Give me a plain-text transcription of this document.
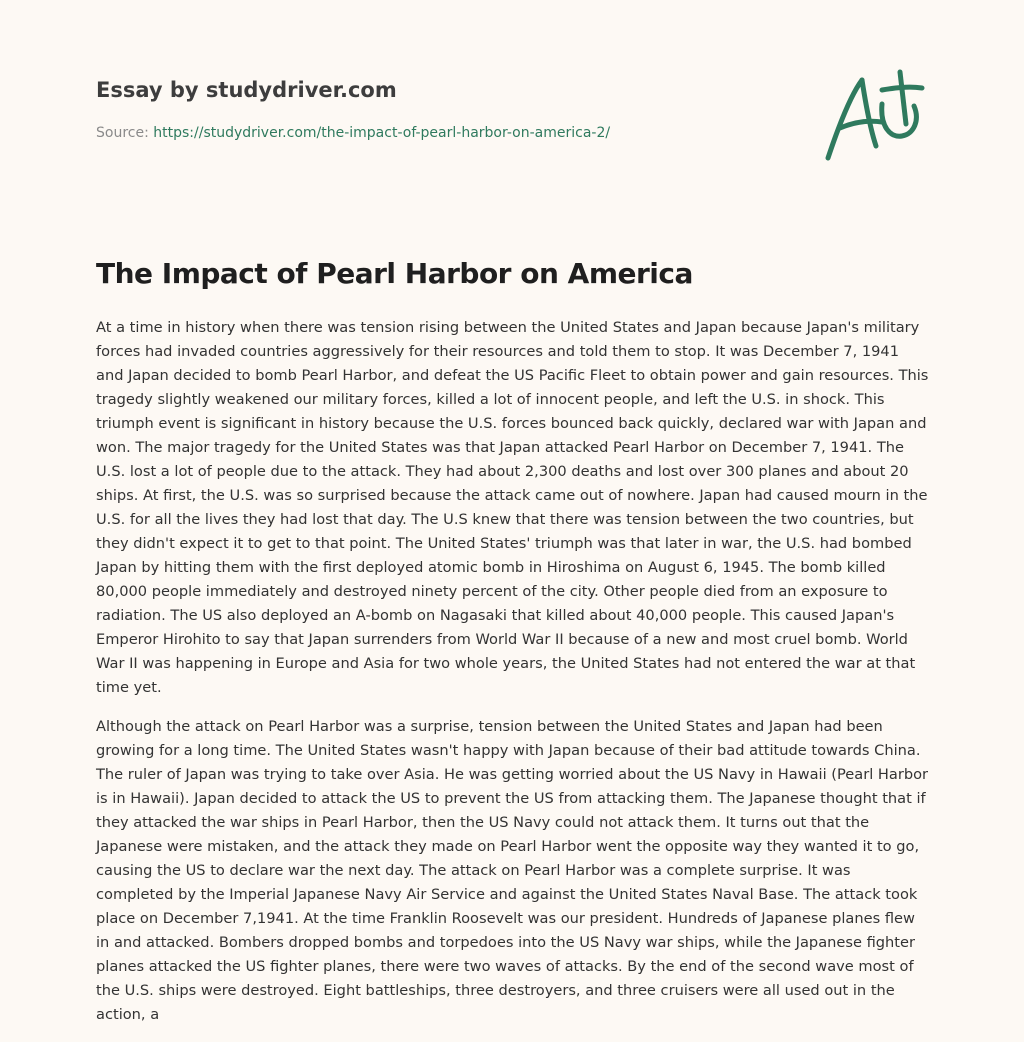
Essay by studydriver.com
Source: https://studydriver.com/the-impact-of-pearl-harbor-on-america-2/
The Impact of Pearl Harbor on America

At a time in history when there was tension rising between the United States and Japan because Japan's military forces had invaded countries aggressively for their resources and told them to stop. It was December 7, 1941 and Japan decided to bomb Pearl Harbor, and defeat the US Pacific Fleet to obtain power and gain resources. This tragedy slightly weakened our military forces, killed a lot of innocent people, and left the U.S. in shock. This triumph event is significant in history because the U.S. forces bounced back quickly, declared war with Japan and won. The major tragedy for the United States was that Japan attacked Pearl Harbor on December 7, 1941. The U.S. lost a lot of people due to the attack. They had about 2,300 deaths and lost over 300 planes and about 20 ships. At first, the U.S. was so surprised because the attack came out of nowhere. Japan had caused mourn in the U.S. for all the lives they had lost that day. The U.S knew that there was tension between the two countries, but they didn't expect it to get to that point. The United States' triumph was that later in war, the U.S. had bombed Japan by hitting them with the first deployed atomic bomb in Hiroshima on August 6, 1945. The bomb killed 80,000 people immediately and destroyed ninety percent of the city. Other people died from an exposure to radiation. The US also deployed an A-bomb on Nagasaki that killed about 40,000 people. This caused Japan's Emperor Hirohito to say that Japan surrenders from World War II because of a new and most cruel bomb. World War II was happening in Europe and Asia for two whole years, the United States had not entered the war at that time yet.

Although the attack on Pearl Harbor was a surprise, tension between the United States and Japan had been growing for a long time. The United States wasn't happy with Japan because of their bad attitude towards China. The ruler of Japan was trying to take over Asia. He was getting worried about the US Navy in Hawaii (Pearl Harbor is in Hawaii). Japan decided to attack the US to prevent the US from attacking them. The Japanese thought that if they attacked the war ships in Pearl Harbor, then the US Navy could not attack them. It turns out that the Japanese were mistaken, and the attack they made on Pearl Harbor went the opposite way they wanted it to go, causing the US to declare war the next day. The attack on Pearl Harbor was a complete surprise. It was completed by the Imperial Japanese Navy Air Service and against the United States Naval Base. The attack took place on December 7,1941. At the time Franklin Roosevelt was our president. Hundreds of Japanese planes flew in and attacked. Bombers dropped bombs and torpedoes into the US Navy war ships, while the Japanese fighter planes attacked the US fighter planes, there were two waves of attacks. By the end of the second wave most of the U.S. ships were destroyed. Eight battleships, three destroyers, and three cruisers were all used out in the action, a
